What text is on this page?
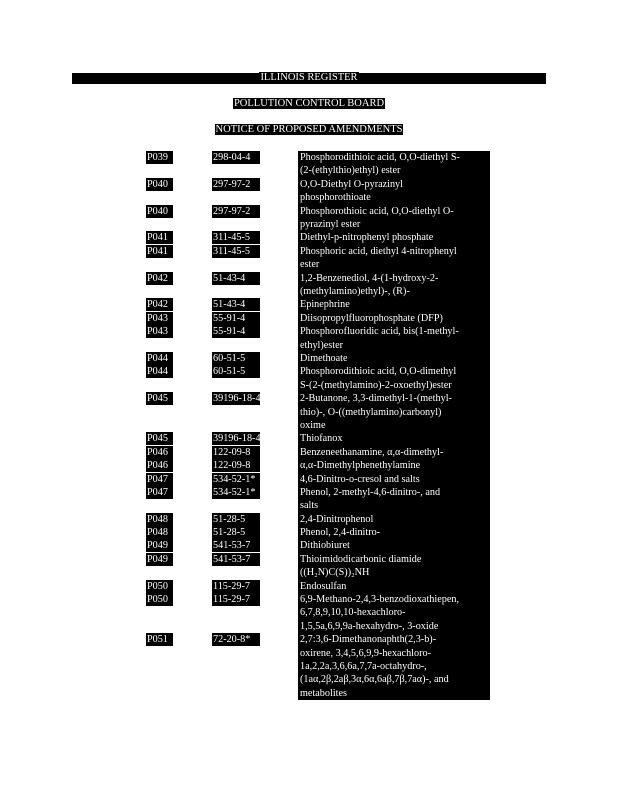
ILLINOIS REGISTER
POLLUTION CONTROL BOARD
NOTICE OF PROPOSED AMENDMENTS
P039	298-04-4	Phosphorodithioic acid, O,O-diethyl S-
(2-(ethylthio)ethyl) ester
P040	297-97-2	O,O-Diethyl O-pyrazinyl
phosphorothioate
P040	297-97-2	Phosphorothioic acid, O,O-diethyl O-
pyrazinyl ester
P041	311-45-5	Diethyl-p-nitrophenyl phosphate
P041	311-45-5	Phosphoric acid, diethyl 4-nitrophenyl
ester
P042	51-43-4	1,2-Benzenediol, 4-(1-hydroxy-2-
(methylamino)ethyl)-, (R)-
P042	51-43-4	Epinephrine
P043	55-91-4	Diisopropylfluorophosphate (DFP)
P043	55-91-4	Phosphorofluoridic acid, bis(1-methyl-
ethyl)ester
P044	60-51-5	Dimethoate
P044	60-51-5	Phosphorodithioic acid, O,O-dimethyl
S-(2-(methylamino)-2-oxoethyl)ester
P045	39196-18-4	2-Butanone, 3,3-dimethyl-1-(methyl-
thio)-, O-((methylamino)carbonyl)
oxime
P045	39196-18-4	Thiofanox
P046	122-09-8	Benzeneethanamine, α,α-dimethyl-
P046	122-09-8	α,α-Dimethylphenethylamine
P047	534-52-1*	4,6-Dinitro-o-cresol and salts
P047	534-52-1*	Phenol, 2-methyl-4,6-dinitro-, and
salts
P048	51-28-5	2,4-Dinitrophenol
P048	51-28-5	Phenol, 2,4-dinitro-
P049	541-53-7	Dithiobiuret
P049	541-53-7	Thioimidodicarbonic diamide
((H₂N)C(S))₂NH
P050	115-29-7	Endosulfan
P050	115-29-7	6,9-Methano-2,4,3-benzodioxathiepen,
6,7,8,9,10,10-hexachloro-
1,5,5a,6,9,9a-hexahydro-, 3-oxide
P051	72-20-8*	2,7:3,6-Dimethanonaphth(2,3-b)-
oxirene, 3,4,5,6,9,9-hexachloro-
1a,2,2a,3,6,6a,7,7a-octahydro-,
(1aα,2β,2aβ,3α,6α,6aβ,7β,7aα)-, and
metabolites
